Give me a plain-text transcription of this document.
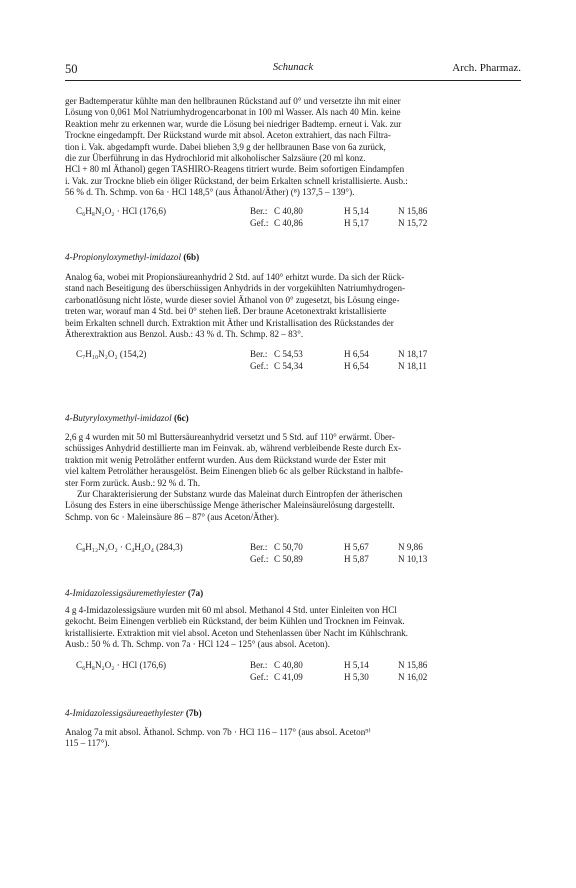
50	Schunack	Arch. Pharmaz.

ger Badtemperatur kühlte man den hellbraunen Rückstand auf 0° und versetzte ihn mit einer
Lösung von 0,061 Mol Natriumhydrogencarbonat in 100 ml Wasser. Als nach 40 Min. keine
Reaktion mehr zu erkennen war, wurde die Lösung bei niedriger Badtemp. erneut i. Vak. zur
Trockne eingedampft. Der Rückstand wurde mit absol. Aceton extrahiert, das nach Filtra-
tion i. Vak. abgedampft wurde. Dabei blieben 3,9 g der hellbraunen Base von 6a zurück,
die zur Überführung in das Hydrochlorid mit alkoholischer Salzsäure (20 ml konz.
HCl + 80 ml Äthanol) gegen TASHIRO-Reagens titriert wurde. Beim sofortigen Eindampfen
i. Vak. zur Trockne blieb ein öliger Rückstand, der beim Erkalten schnell kristallisierte. Ausb.:
56 % d. Th. Schmp. von 6a · HCl 148,5° (aus Äthanol/Äther) (⁸) 137,5 – 139°).

C₆H₈N₂O₂ · HCl (176,6)	Ber.: C 40,80	H 5,14	N 15,86
Gef.: C 40,86	H 5,17	N 15,72

4-Propionyloxymethyl-imidazol (6b)

Analog 6a, wobei mit Propionsäureanhydrid 2 Std. auf 140° erhitzt wurde. Da sich der Rück-
stand nach Beseitigung des überschüssigen Anhydrids in der vorgekühlten Natriumhydrogen-
carbonatlösung nicht löste, wurde dieser soviel Äthanol von 0° zugesetzt, bis Lösung einge-
treten war, worauf man 4 Std. bei 0° stehen ließ. Der braune Acetonextrakt kristallisierte
beim Erkalten schnell durch. Extraktion mit Äther und Kristallisation des Rückstandes der
Ätherextraktion aus Benzol. Ausb.: 43 % d. Th. Schmp. 82 – 83°.

C₇H₁₀N₂O₂ (154,2)	Ber.: C 54,53	H 6,54	N 18,17
Gef.: C 54,34	H 6,54	N 18,11

4-Butyryloxymethyl-imidazol (6c)

2,6 g 4 wurden mit 50 ml Buttersäureanhydrid versetzt und 5 Std. auf 110° erwärmt. Über-
schüssiges Anhydrid destillierte man im Feinvak. ab, während verbleibende Reste durch Ex-
traktion mit wenig Petroläther entfernt wurden. Aus dem Rückstand wurde der Ester mit
viel kaltem Petroläther herausgelöst. Beim Einengen blieb 6c als gelber Rückstand in halbfe-
ster Form zurück. Ausb.: 92 % d. Th.
Zur Charakterisierung der Substanz wurde das Maleinat durch Eintropfen der ätherischen
Lösung des Esters in eine überschüssige Menge ätherischer Maleinsäurelösung dargestellt.
Schmp. von 6c · Maleinsäure 86 – 87° (aus Aceton/Äther).

C₈H₁₂N₂O₂ · C₄H₄O₄ (284,3)	Ber.: C 50,70	H 5,67	N 9,86
Gef.: C 50,89	H 5,87	N 10,13

4-Imidazolessigsäuremethylester (7a)

4 g 4-Imidazolessigsäure wurden mit 60 ml absol. Methanol 4 Std. unter Einleiten von HCl
gekocht. Beim Einengen verblieb ein Rückstand, der beim Kühlen und Trocknen im Feinvak.
kristallisierte. Extraktion mit viel absol. Aceton und Stehenlassen über Nacht im Kühlschrank.
Ausb.: 50 % d. Th. Schmp. von 7a · HCl 124 – 125° (aus absol. Aceton).

C₆H₈N₂O₂ · HCl (176,6)	Ber.: C 40,80	H 5,14	N 15,86
Gef.: C 41,09	H 5,30	N 16,02

4-Imidazolessigsäureaethylester (7b)

Analog 7a mit absol. Äthanol. Schmp. von 7b · HCl 116 – 117° (aus absol. Aceton⁹⁾
115 – 117°).
